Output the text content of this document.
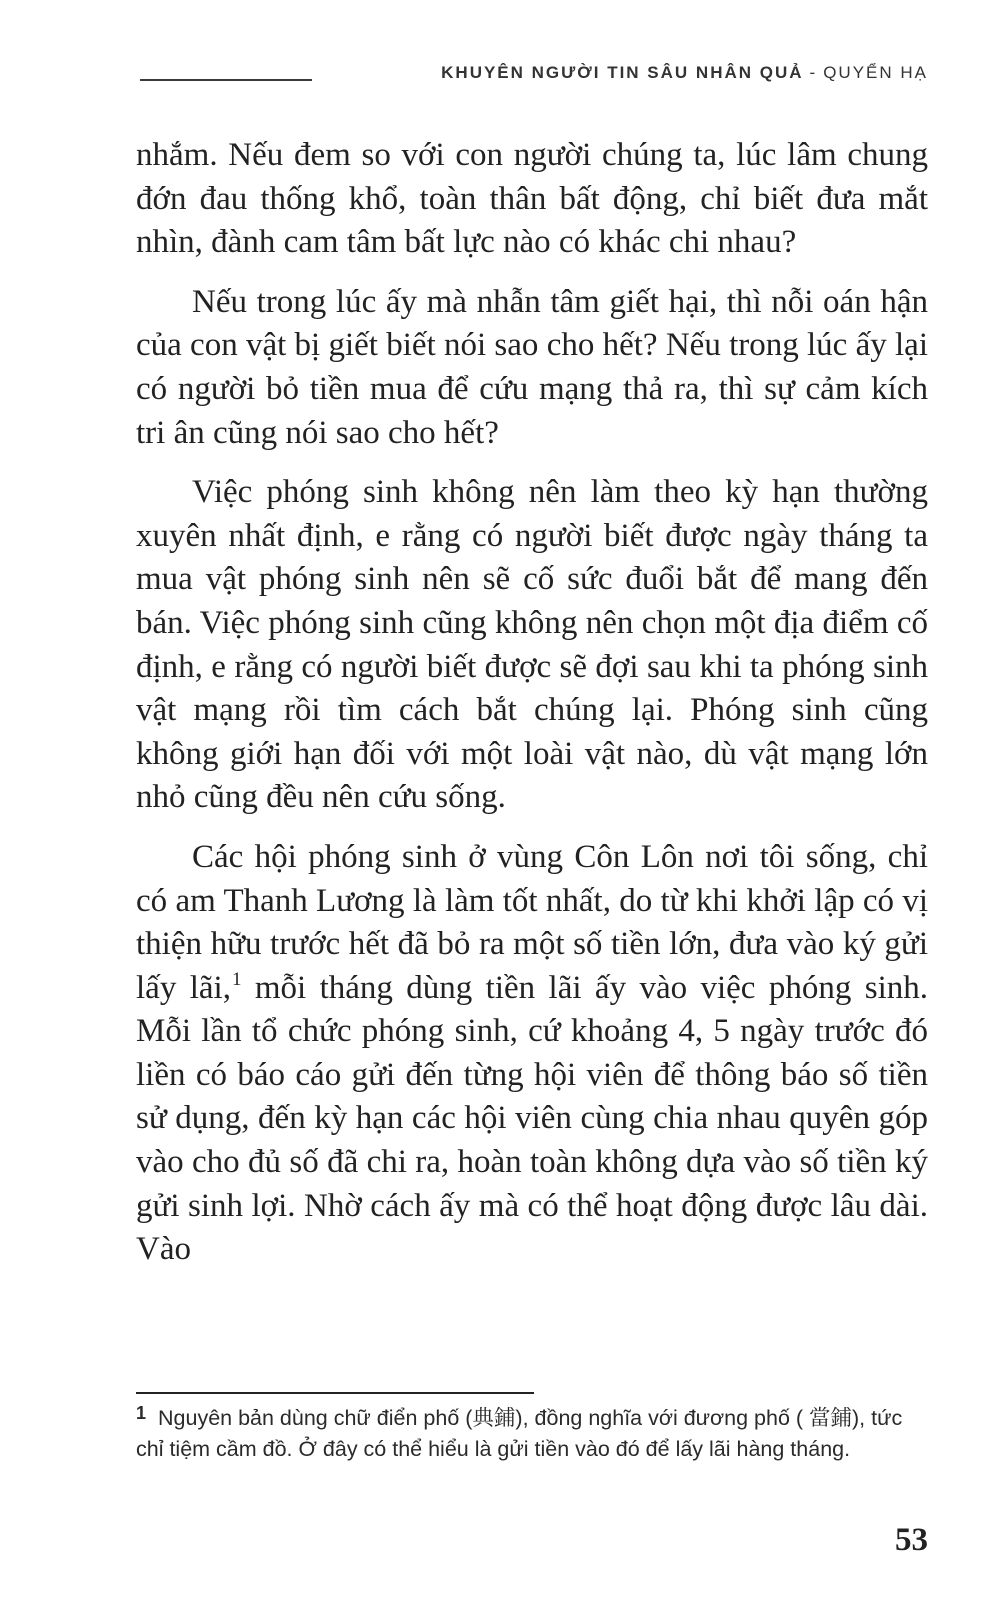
KHUYÊN NGƯỜI TIN SÂU NHÂN QUẢ - QUYỂN HẠ

nhắm. Nếu đem so với con người chúng ta, lúc lâm chung đớn đau thống khổ, toàn thân bất động, chỉ biết đưa mắt nhìn, đành cam tâm bất lực nào có khác chi nhau?

Nếu trong lúc ấy mà nhẫn tâm giết hại, thì nỗi oán hận của con vật bị giết biết nói sao cho hết? Nếu trong lúc ấy lại có người bỏ tiền mua để cứu mạng thả ra, thì sự cảm kích tri ân cũng nói sao cho hết?

Việc phóng sinh không nên làm theo kỳ hạn thường xuyên nhất định, e rằng có người biết được ngày tháng ta mua vật phóng sinh nên sẽ cố sức đuổi bắt để mang đến bán. Việc phóng sinh cũng không nên chọn một địa điểm cố định, e rằng có người biết được sẽ đợi sau khi ta phóng sinh vật mạng rồi tìm cách bắt chúng lại. Phóng sinh cũng không giới hạn đối với một loài vật nào, dù vật mạng lớn nhỏ cũng đều nên cứu sống.

Các hội phóng sinh ở vùng Côn Lôn nơi tôi sống, chỉ có am Thanh Lương là làm tốt nhất, do từ khi khởi lập có vị thiện hữu trước hết đã bỏ ra một số tiền lớn, đưa vào ký gửi lấy lãi,$^1$ mỗi tháng dùng tiền lãi ấy vào việc phóng sinh. Mỗi lần tổ chức phóng sinh, cứ khoảng 4, 5 ngày trước đó liền có báo cáo gửi đến từng hội viên để thông báo số tiền sử dụng, đến kỳ hạn các hội viên cùng chia nhau quyên góp vào cho đủ số đã chi ra, hoàn toàn không dựa vào số tiền ký gửi sinh lợi. Nhờ cách ấy mà có thể hoạt động được lâu dài. Vào

1 Nguyên bản dùng chữ điển phố (典鋪), đồng nghĩa với đương phố ( 當鋪), tức chỉ tiệm cầm đồ. Ở đây có thể hiểu là gửi tiền vào đó để lấy lãi hàng tháng.
53
